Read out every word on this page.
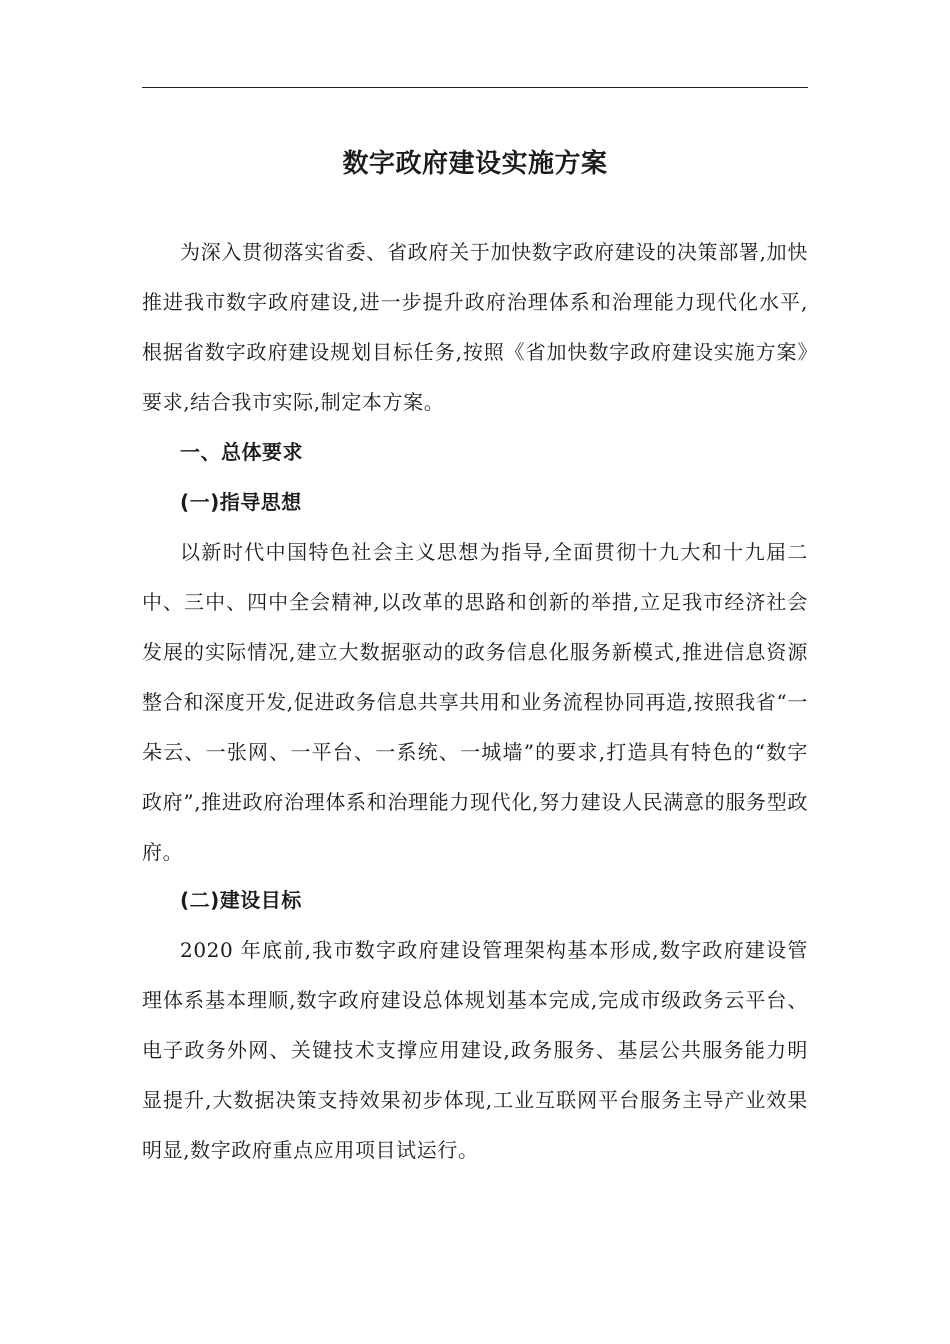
数字政府建设实施方案

为深入贯彻落实省委、省政府关于加快数字政府建设的决策部署,加快推进我市数字政府建设,进一步提升政府治理体系和治理能力现代化水平,根据省数字政府建设规划目标任务,按照《省加快数字政府建设实施方案》要求,结合我市实际,制定本方案。

一、总体要求
(一)指导思想

以新时代中国特色社会主义思想为指导,全面贯彻十九大和十九届二中、三中、四中全会精神,以改革的思路和创新的举措,立足我市经济社会发展的实际情况,建立大数据驱动的政务信息化服务新模式,推进信息资源整合和深度开发,促进政务信息共享共用和业务流程协同再造,按照我省“一朵云、一张网、一平台、一系统、一城墙”的要求,打造具有特色的“数字政府”,推进政府治理体系和治理能力现代化,努力建设人民满意的服务型政府。

(二)建设目标

2020 年底前,我市数字政府建设管理架构基本形成,数字政府建设管理体系基本理顺,数字政府建设总体规划基本完成,完成市级政务云平台、电子政务外网、关键技术支撑应用建设,政务服务、基层公共服务能力明显提升,大数据决策支持效果初步体现,工业互联网平台服务主导产业效果明显,数字政府重点应用项目试运行。
